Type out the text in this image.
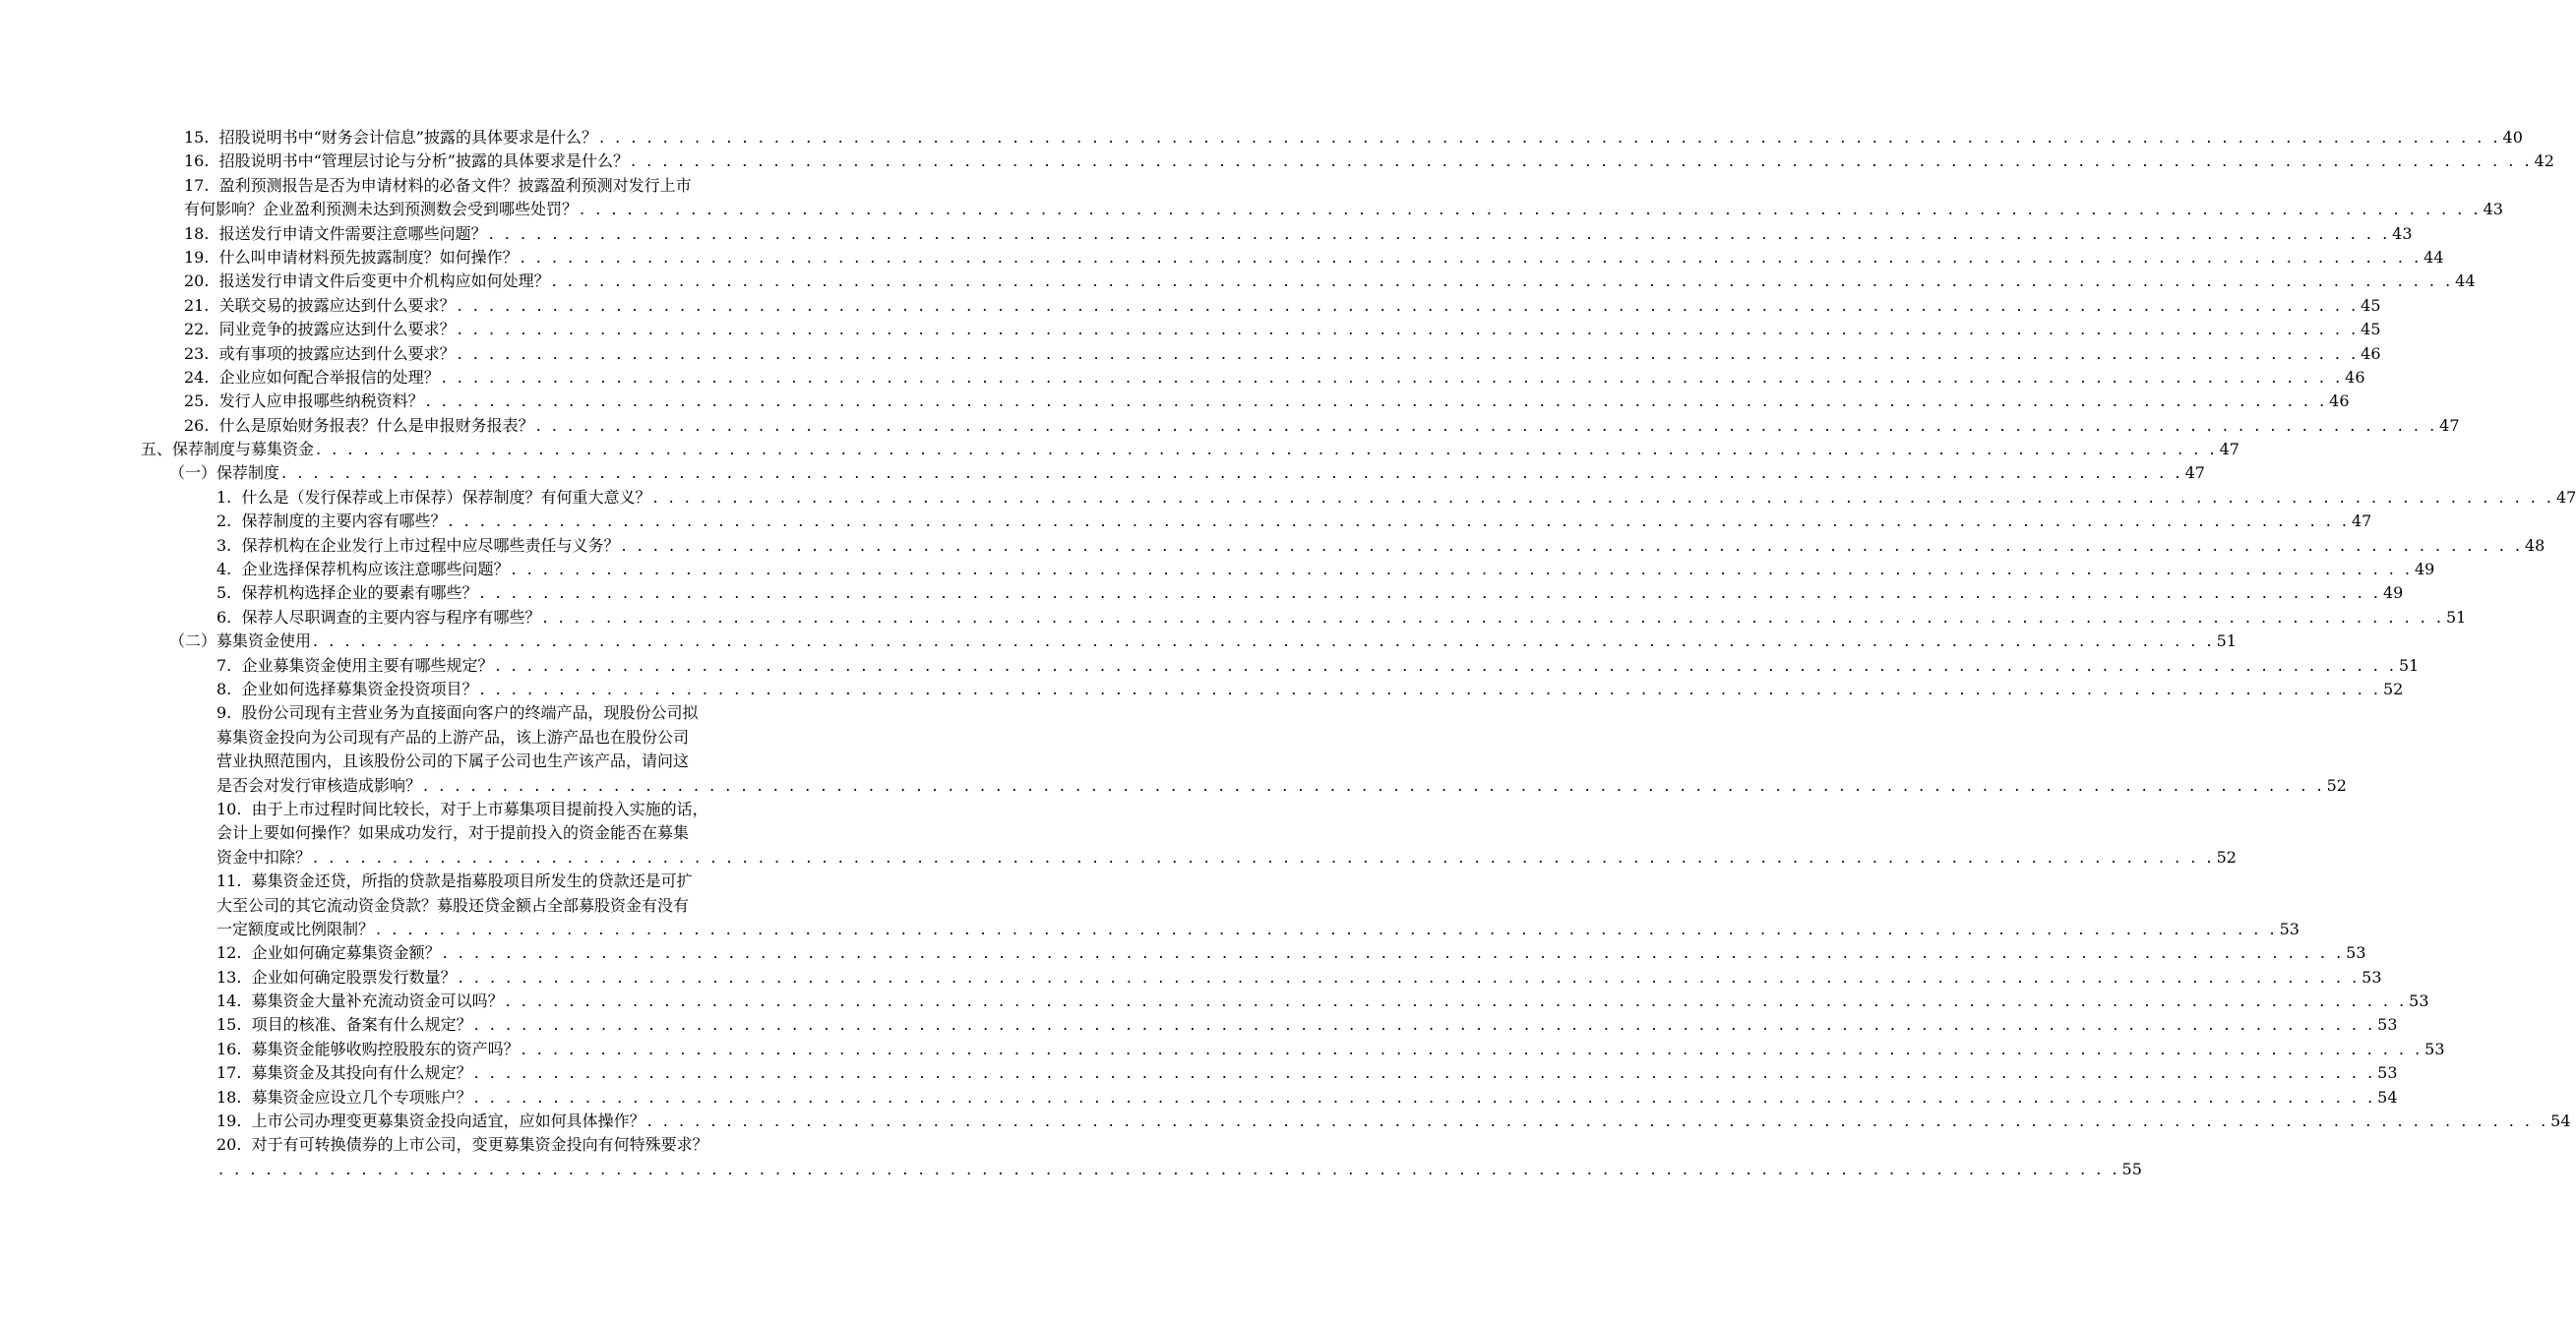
15.  招股说明书中“财务会计信息”披露的具体要求是什么？ . . . . . . . . . . . . . . . . . . . . . . . . . . . . . . . . . . . . . . . . . . . . . . . . . . . . . . . . . . . . . . . . . . . . . . . . . . . . . . . . . . . . . . . . . . . . . . . . . . . . . . . . . . . . . . . . . . . . . . . . 40
16.  招股说明书中“管理层讨论与分析”披露的具体要求是什么？ . . . . . . . . . . . . . . . . . . . . . . . . . . . . . . . . . . . . . . . . . . . . . . . . . . . . . . . . . . . . . . . . . . . . . . . . . . . . . . . . . . . . . . . . . . . . . . . . . . . . . . . . . . . . . . . . . . . . . . . . 42
17.  盈利预测报告是否为申请材料的必备文件？披露盈利预测对发行上市
有何影响？企业盈利预测未达到预测数会受到哪些处罚？ . . . . . . . . . . . . . . . . . . . . . . . . . . . . . . . . . . . . . . . . . . . . . . . . . . . . . . . . . . . . . . . . . . . . . . . . . . . . . . . . . . . . . . . . . . . . . . . . . . . . . . . . . . . . . . . . . . . . . . . . 43
18.  报送发行申请文件需要注意哪些问题？ . . . . . . . . . . . . . . . . . . . . . . . . . . . . . . . . . . . . . . . . . . . . . . . . . . . . . . . . . . . . . . . . . . . . . . . . . . . . . . . . . . . . . . . . . . . . . . . . . . . . . . . . . . . . . . . . . . . . . . . . 43
19.  什么叫申请材料预先披露制度？如何操作？ . . . . . . . . . . . . . . . . . . . . . . . . . . . . . . . . . . . . . . . . . . . . . . . . . . . . . . . . . . . . . . . . . . . . . . . . . . . . . . . . . . . . . . . . . . . . . . . . . . . . . . . . . . . . . . . . . . . . . . . . 44
20.  报送发行申请文件后变更中介机构应如何处理？ . . . . . . . . . . . . . . . . . . . . . . . . . . . . . . . . . . . . . . . . . . . . . . . . . . . . . . . . . . . . . . . . . . . . . . . . . . . . . . . . . . . . . . . . . . . . . . . . . . . . . . . . . . . . . . . . . . . . . . . . 44
21.  关联交易的披露应达到什么要求？ . . . . . . . . . . . . . . . . . . . . . . . . . . . . . . . . . . . . . . . . . . . . . . . . . . . . . . . . . . . . . . . . . . . . . . . . . . . . . . . . . . . . . . . . . . . . . . . . . . . . . . . . . . . . . . . . . . . . . . . . 45
22.  同业竞争的披露应达到什么要求？ . . . . . . . . . . . . . . . . . . . . . . . . . . . . . . . . . . . . . . . . . . . . . . . . . . . . . . . . . . . . . . . . . . . . . . . . . . . . . . . . . . . . . . . . . . . . . . . . . . . . . . . . . . . . . . . . . . . . . . . . 45
23.  或有事项的披露应达到什么要求？ . . . . . . . . . . . . . . . . . . . . . . . . . . . . . . . . . . . . . . . . . . . . . . . . . . . . . . . . . . . . . . . . . . . . . . . . . . . . . . . . . . . . . . . . . . . . . . . . . . . . . . . . . . . . . . . . . . . . . . . . 46
24.  企业应如何配合举报信的处理？ . . . . . . . . . . . . . . . . . . . . . . . . . . . . . . . . . . . . . . . . . . . . . . . . . . . . . . . . . . . . . . . . . . . . . . . . . . . . . . . . . . . . . . . . . . . . . . . . . . . . . . . . . . . . . . . . . . . . . . . . 46
25.  发行人应申报哪些纳税资料？ . . . . . . . . . . . . . . . . . . . . . . . . . . . . . . . . . . . . . . . . . . . . . . . . . . . . . . . . . . . . . . . . . . . . . . . . . . . . . . . . . . . . . . . . . . . . . . . . . . . . . . . . . . . . . . . . . . . . . . . . 46
26.  什么是原始财务报表？什么是申报财务报表？ . . . . . . . . . . . . . . . . . . . . . . . . . . . . . . . . . . . . . . . . . . . . . . . . . . . . . . . . . . . . . . . . . . . . . . . . . . . . . . . . . . . . . . . . . . . . . . . . . . . . . . . . . . . . . . . . . . . . . . . . 47
五、保荐制度与募集资金 . . . . . . . . . . . . . . . . . . . . . . . . . . . . . . . . . . . . . . . . . . . . . . . . . . . . . . . . . . . . . . . . . . . . . . . . . . . . . . . . . . . . . . . . . . . . . . . . . . . . . . . . . . . . . . . . . . . . . . . . 47
（一）保荐制度 . . . . . . . . . . . . . . . . . . . . . . . . . . . . . . . . . . . . . . . . . . . . . . . . . . . . . . . . . . . . . . . . . . . . . . . . . . . . . . . . . . . . . . . . . . . . . . . . . . . . . . . . . . . . . . . . . . . . . . . . 47
1.  什么是（发行保荐或上市保荐）保荐制度？有何重大意义？ . . . . . . . . . . . . . . . . . . . . . . . . . . . . . . . . . . . . . . . . . . . . . . . . . . . . . . . . . . . . . . . . . . . . . . . . . . . . . . . . . . . . . . . . . . . . . . . . . . . . . . . . . . . . . . . . . . . . . . . . 47
2.  保荐制度的主要内容有哪些？ . . . . . . . . . . . . . . . . . . . . . . . . . . . . . . . . . . . . . . . . . . . . . . . . . . . . . . . . . . . . . . . . . . . . . . . . . . . . . . . . . . . . . . . . . . . . . . . . . . . . . . . . . . . . . . . . . . . . . . . . 47
3.  保荐机构在企业发行上市过程中应尽哪些责任与义务？ . . . . . . . . . . . . . . . . . . . . . . . . . . . . . . . . . . . . . . . . . . . . . . . . . . . . . . . . . . . . . . . . . . . . . . . . . . . . . . . . . . . . . . . . . . . . . . . . . . . . . . . . . . . . . . . . . . . . . . . . 48
4.  企业选择保荐机构应该注意哪些问题？ . . . . . . . . . . . . . . . . . . . . . . . . . . . . . . . . . . . . . . . . . . . . . . . . . . . . . . . . . . . . . . . . . . . . . . . . . . . . . . . . . . . . . . . . . . . . . . . . . . . . . . . . . . . . . . . . . . . . . . . . 49
5.  保荐机构选择企业的要素有哪些？ . . . . . . . . . . . . . . . . . . . . . . . . . . . . . . . . . . . . . . . . . . . . . . . . . . . . . . . . . . . . . . . . . . . . . . . . . . . . . . . . . . . . . . . . . . . . . . . . . . . . . . . . . . . . . . . . . . . . . . . . 49
6.  保荐人尽职调查的主要内容与程序有哪些？ . . . . . . . . . . . . . . . . . . . . . . . . . . . . . . . . . . . . . . . . . . . . . . . . . . . . . . . . . . . . . . . . . . . . . . . . . . . . . . . . . . . . . . . . . . . . . . . . . . . . . . . . . . . . . . . . . . . . . . . . 51
（二）募集资金使用 . . . . . . . . . . . . . . . . . . . . . . . . . . . . . . . . . . . . . . . . . . . . . . . . . . . . . . . . . . . . . . . . . . . . . . . . . . . . . . . . . . . . . . . . . . . . . . . . . . . . . . . . . . . . . . . . . . . . . . . . 51
7.  企业募集资金使用主要有哪些规定？ . . . . . . . . . . . . . . . . . . . . . . . . . . . . . . . . . . . . . . . . . . . . . . . . . . . . . . . . . . . . . . . . . . . . . . . . . . . . . . . . . . . . . . . . . . . . . . . . . . . . . . . . . . . . . . . . . . . . . . . . 51
8.  企业如何选择募集资金投资项目？ . . . . . . . . . . . . . . . . . . . . . . . . . . . . . . . . . . . . . . . . . . . . . . . . . . . . . . . . . . . . . . . . . . . . . . . . . . . . . . . . . . . . . . . . . . . . . . . . . . . . . . . . . . . . . . . . . . . . . . . . 52
9.  股份公司现有主营业务为直接面向客户的终端产品，现股份公司拟
募集资金投向为公司现有产品的上游产品，该上游产品也在股份公司
营业执照范围内，且该股份公司的下属子公司也生产该产品，请问这
是否会对发行审核造成影响？ . . . . . . . . . . . . . . . . . . . . . . . . . . . . . . . . . . . . . . . . . . . . . . . . . . . . . . . . . . . . . . . . . . . . . . . . . . . . . . . . . . . . . . . . . . . . . . . . . . . . . . . . . . . . . . . . . . . . . . . . 52
10.  由于上市过程时间比较长，对于上市募集项目提前投入实施的话，
会计上要如何操作？如果成功发行，对于提前投入的资金能否在募集
资金中扣除？ . . . . . . . . . . . . . . . . . . . . . . . . . . . . . . . . . . . . . . . . . . . . . . . . . . . . . . . . . . . . . . . . . . . . . . . . . . . . . . . . . . . . . . . . . . . . . . . . . . . . . . . . . . . . . . . . . . . . . . . . 52
11.  募集资金还贷，所指的贷款是指募股项目所发生的贷款还是可扩
大至公司的其它流动资金贷款？募股还贷金额占全部募股资金有没有
一定额度或比例限制？ . . . . . . . . . . . . . . . . . . . . . . . . . . . . . . . . . . . . . . . . . . . . . . . . . . . . . . . . . . . . . . . . . . . . . . . . . . . . . . . . . . . . . . . . . . . . . . . . . . . . . . . . . . . . . . . . . . . . . . . . 53
12.  企业如何确定募集资金额？ . . . . . . . . . . . . . . . . . . . . . . . . . . . . . . . . . . . . . . . . . . . . . . . . . . . . . . . . . . . . . . . . . . . . . . . . . . . . . . . . . . . . . . . . . . . . . . . . . . . . . . . . . . . . . . . . . . . . . . . . 53
13.  企业如何确定股票发行数量？ . . . . . . . . . . . . . . . . . . . . . . . . . . . . . . . . . . . . . . . . . . . . . . . . . . . . . . . . . . . . . . . . . . . . . . . . . . . . . . . . . . . . . . . . . . . . . . . . . . . . . . . . . . . . . . . . . . . . . . . . 53
14.  募集资金大量补充流动资金可以吗？ . . . . . . . . . . . . . . . . . . . . . . . . . . . . . . . . . . . . . . . . . . . . . . . . . . . . . . . . . . . . . . . . . . . . . . . . . . . . . . . . . . . . . . . . . . . . . . . . . . . . . . . . . . . . . . . . . . . . . . . . 53
15.  项目的核准、备案有什么规定？ . . . . . . . . . . . . . . . . . . . . . . . . . . . . . . . . . . . . . . . . . . . . . . . . . . . . . . . . . . . . . . . . . . . . . . . . . . . . . . . . . . . . . . . . . . . . . . . . . . . . . . . . . . . . . . . . . . . . . . . . 53
16.  募集资金能够收购控股股东的资产吗？ . . . . . . . . . . . . . . . . . . . . . . . . . . . . . . . . . . . . . . . . . . . . . . . . . . . . . . . . . . . . . . . . . . . . . . . . . . . . . . . . . . . . . . . . . . . . . . . . . . . . . . . . . . . . . . . . . . . . . . . . 53
17.  募集资金及其投向有什么规定？ . . . . . . . . . . . . . . . . . . . . . . . . . . . . . . . . . . . . . . . . . . . . . . . . . . . . . . . . . . . . . . . . . . . . . . . . . . . . . . . . . . . . . . . . . . . . . . . . . . . . . . . . . . . . . . . . . . . . . . . . 53
18.  募集资金应设立几个专项账户？ . . . . . . . . . . . . . . . . . . . . . . . . . . . . . . . . . . . . . . . . . . . . . . . . . . . . . . . . . . . . . . . . . . . . . . . . . . . . . . . . . . . . . . . . . . . . . . . . . . . . . . . . . . . . . . . . . . . . . . . . 54
19.  上市公司办理变更募集资金投向适宜，应如何具体操作？ . . . . . . . . . . . . . . . . . . . . . . . . . . . . . . . . . . . . . . . . . . . . . . . . . . . . . . . . . . . . . . . . . . . . . . . . . . . . . . . . . . . . . . . . . . . . . . . . . . . . . . . . . . . . . . . . . . . . . . . . 54
20.  对于有可转换债券的上市公司，变更募集资金投向有何特殊要求？
. . . . . . . . . . . . . . . . . . . . . . . . . . . . . . . . . . . . . . . . . . . . . . . . . . . . . . . . . . . . . . . . . . . . . . . . . . . . . . . . . . . . . . . . . . . . . . . . . . . . . . . . . . . . . . . . . . . . . . . . 55
